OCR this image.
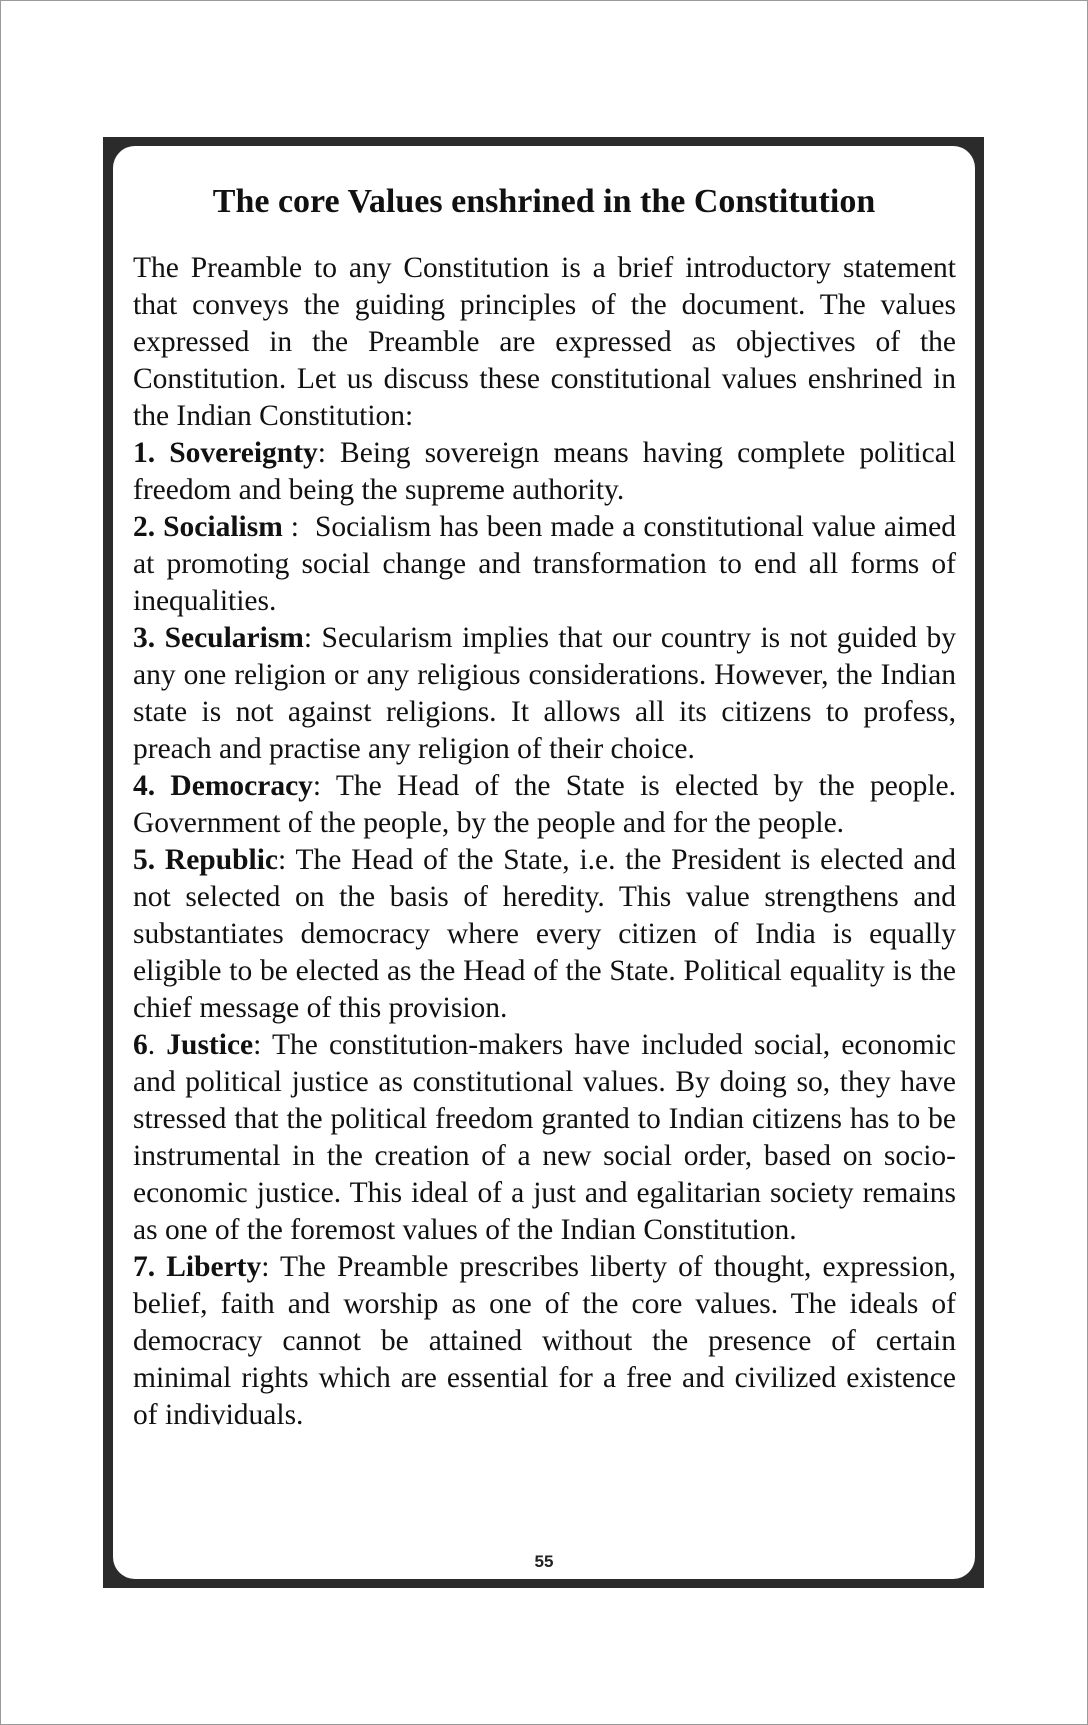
The core Values enshrined in the Constitution

The Preamble to any Constitution is a brief introductory statement that conveys the guiding principles of the document. The values expressed in the Preamble are expressed as objectives of the Constitution. Let us discuss these constitutional values enshrined in the Indian Constitution:

1. Sovereignty: Being sovereign means having complete political freedom and being the supreme authority.

2. Socialism :  Socialism has been made a constitutional value aimed at promoting social change and transformation to end all forms of inequalities.

3. Secularism: Secularism implies that our country is not guided by any one religion or any religious considerations. However, the Indian state is not against religions. It allows all its citizens to profess, preach and practise any religion of their choice.

4. Democracy: The Head of the State is elected by the people. Government of the people, by the people and for the people.

5. Republic: The Head of the State, i.e. the President is elected and not selected on the basis of heredity. This value strengthens and substantiates democracy where every citizen of India is equally eligible to be elected as the Head of the State. Political equality is the chief message of this provision.

6. Justice: The constitution-makers have included social, economic and political justice as constitutional values. By doing so, they have stressed that the political freedom granted to Indian citizens has to be instrumental in the creation of a new social order, based on socio-economic justice. This ideal of a just and egalitarian society remains as one of the foremost values of the Indian Constitution.

7. Liberty: The Preamble prescribes liberty of thought, expression, belief, faith and worship as one of the core values. The ideals of democracy cannot be attained without the presence of certain minimal rights which are essential for a free and civilized existence of individuals.

55
